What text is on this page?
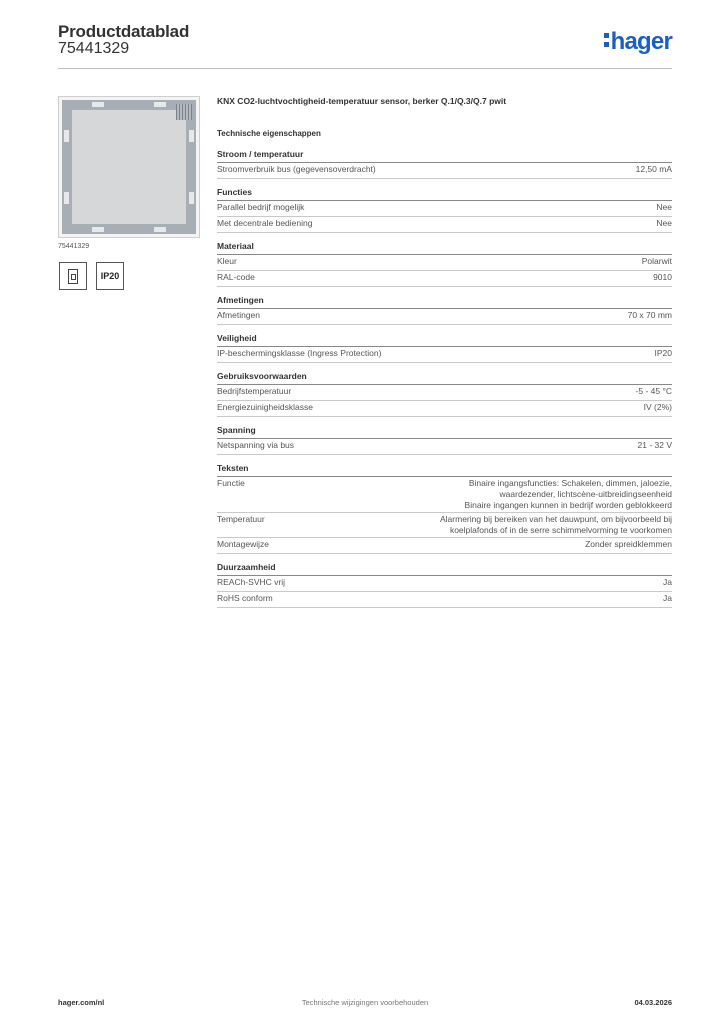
Productdatablad
75441329	hager
75441329
IP20
KNX CO2-luchtvochtigheid-temperatuur sensor, berker Q.1/Q.3/Q.7 pwit
Technische eigenschappen
Stroom / temperatuur
Stroomverbruik bus (gegevensoverdracht)	12,50 mA
Functies
Parallel bedrijf mogelijk	Nee
Met decentrale bediening	Nee
Materiaal
Kleur	Polarwit
RAL-code	9010
Afmetingen
Afmetingen	70 x 70 mm
Veiligheid
IP-beschermingsklasse (Ingress Protection)	IP20
Gebruiksvoorwaarden
Bedrijfstemperatuur	-5 - 45 °C
Energiezuinigheidsklasse	IV (2%)
Spanning
Netspanning via bus	21 - 32 V
Teksten
Functie	Binaire ingangsfuncties: Schakelen, dimmen, jaloezie,
waardezender, lichtscène-uitbreidingseenheid
Binaire ingangen kunnen in bedrijf worden geblokkeerd
Temperatuur	Alarmering bij bereiken van het dauwpunt, om bijvoorbeeld bij
koelplafonds of in de serre schimmelvorming te voorkomen
Montagewijze	Zonder spreidklemmen
Duurzaamheid
REACh-SVHC vrij	Ja
RoHS conform	Ja
hager.com/nl	Technische wijzigingen voorbehouden	04.03.2026
